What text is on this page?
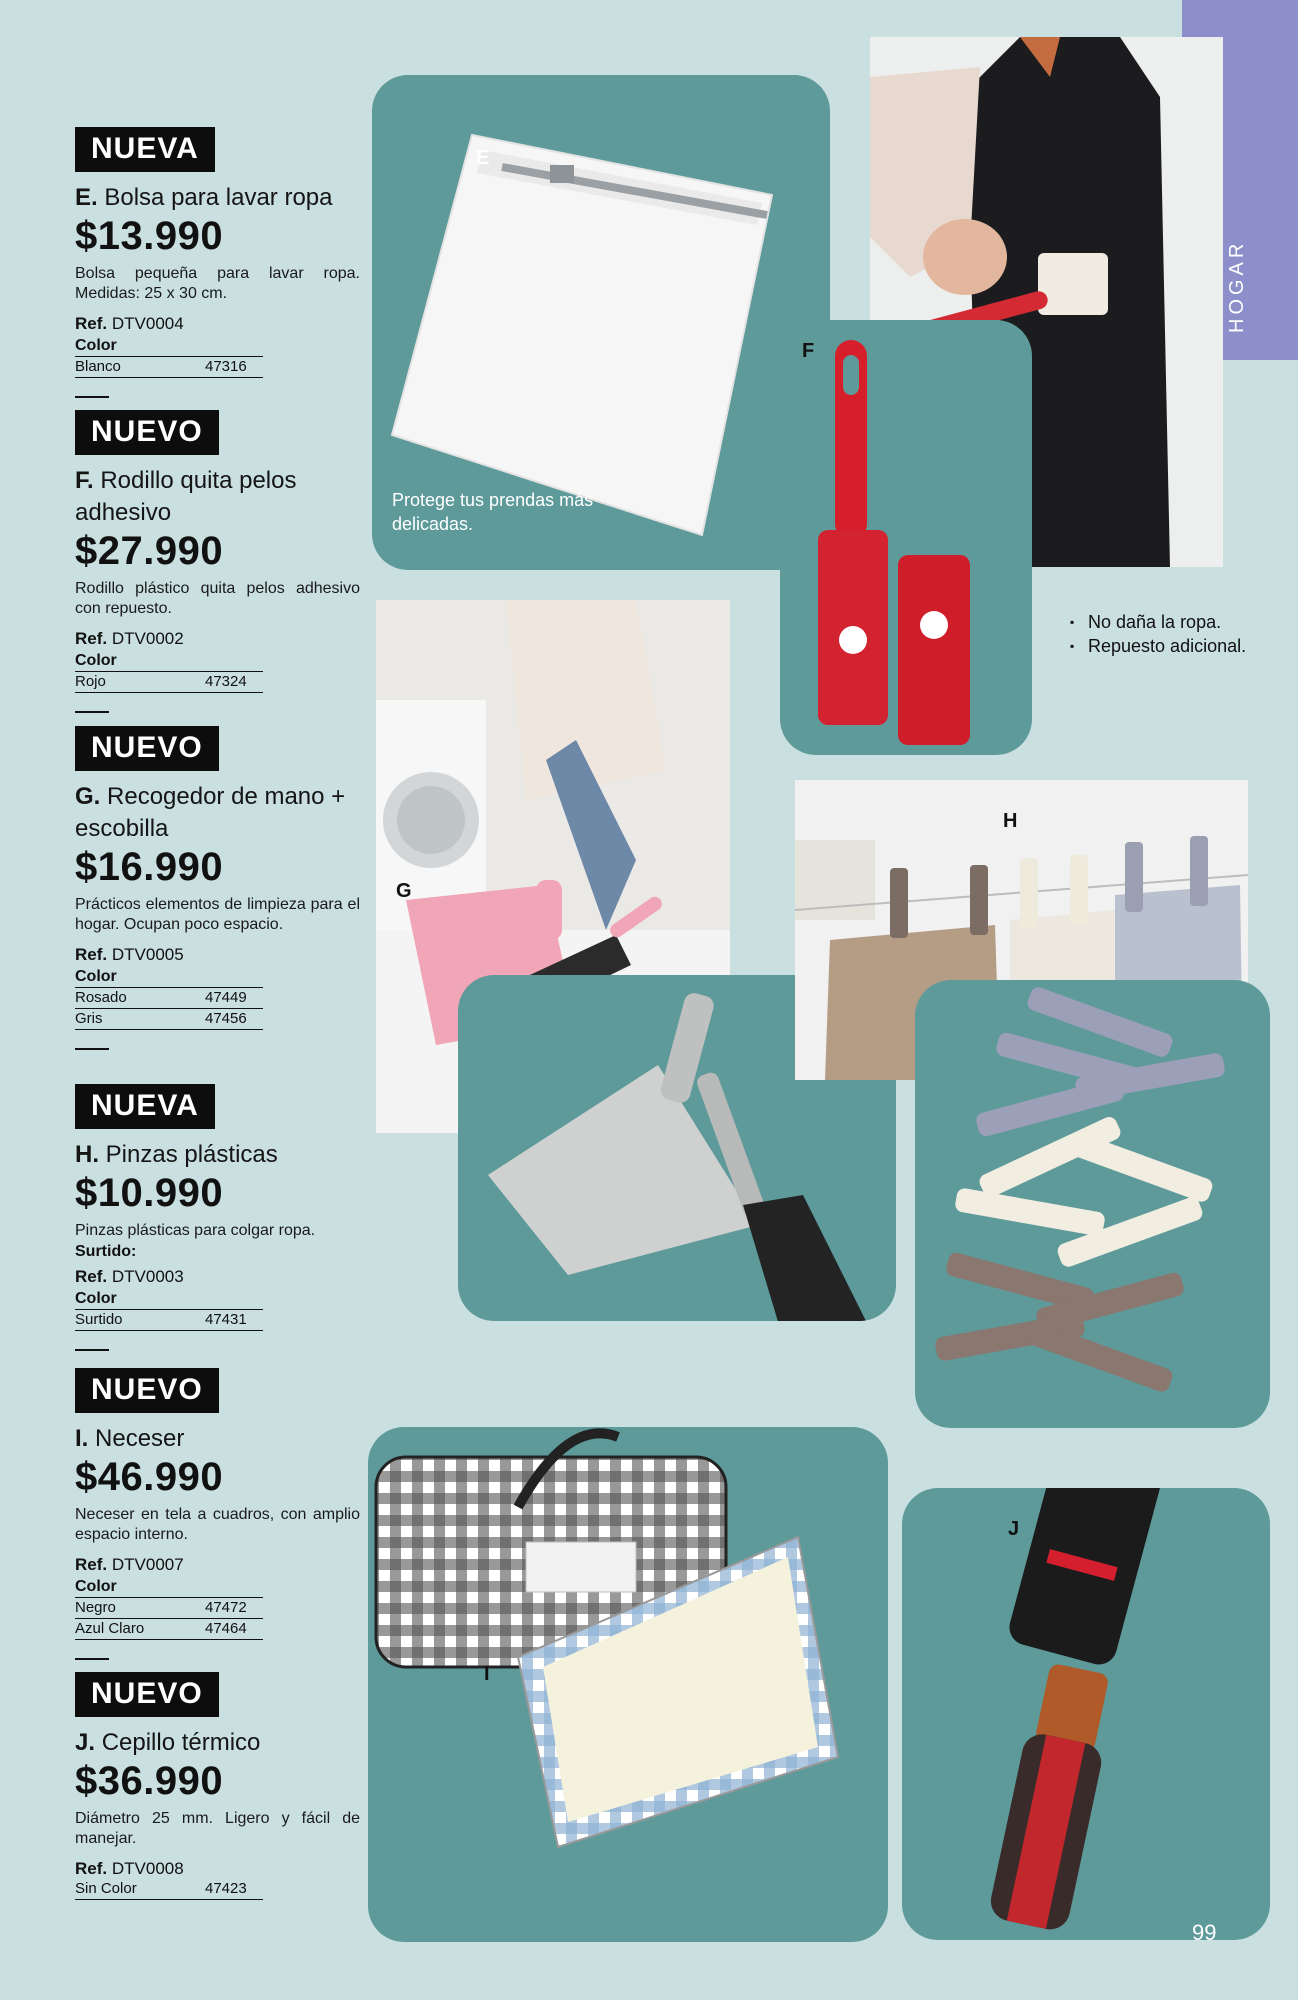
HOGAR
NUEVA
E. Bolsa para lavar ropa
$13.990
Bolsa pequeña para lavar ropa. Medidas: 25 x 30 cm.
Ref. DTV0004
Color
Blanco	47316
NUEVO
F. Rodillo quita pelos adhesivo
$27.990
Rodillo plástico quita pelos adhesivo con repuesto.
Ref. DTV0002
Color
Rojo	47324
NUEVO
G. Recogedor de mano + escobilla
$16.990
Prácticos elementos de limpieza para el hogar. Ocupan poco espacio.
Ref. DTV0005
Color
Rosado	47449
Gris	47456
NUEVA
H. Pinzas plásticas
$10.990
Pinzas plásticas para colgar ropa.
Surtido:
Ref. DTV0003
Color
Surtido	47431
NUEVO
I. Neceser
$46.990
Neceser en tela a cuadros, con amplio espacio interno.
Ref. DTV0007
Color
Negro	47472
Azul Claro	47464
NUEVO
J. Cepillo térmico
$36.990
Diámetro 25 mm. Ligero y fácil de manejar.
Ref. DTV0008
Sin Color	47423
E
Protege tus prendas más delicadas.
F
▪ No daña la ropa.
▪ Repuesto adicional.
G
H
I
J
99
